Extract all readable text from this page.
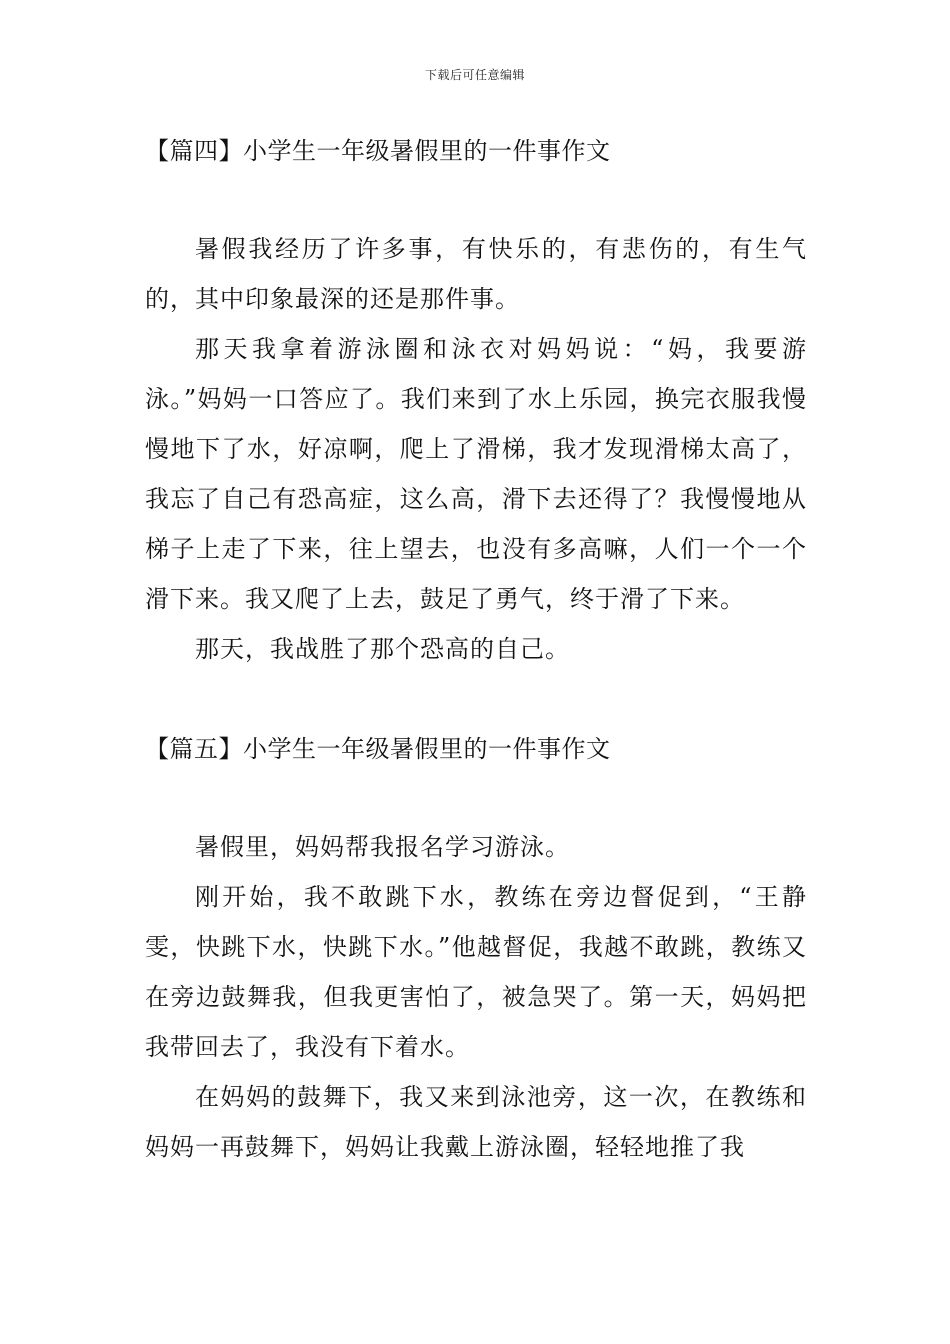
下载后可任意编辑
【篇四】小学生一年级暑假里的一件事作文

暑假我经历了许多事，有快乐的，有悲伤的，有生气的，其中印象最深的还是那件事。

那天我拿着游泳圈和泳衣对妈妈说：“妈，我要游泳。”妈妈一口答应了。我们来到了水上乐园，换完衣服我慢慢地下了水，好凉啊，爬上了滑梯，我才发现滑梯太高了，我忘了自己有恐高症，这么高，滑下去还得了？我慢慢地从梯子上走了下来，往上望去，也没有多高嘛，人们一个一个滑下来。我又爬了上去，鼓足了勇气，终于滑了下来。

那天，我战胜了那个恐高的自己。

【篇五】小学生一年级暑假里的一件事作文

暑假里，妈妈帮我报名学习游泳。

刚开始，我不敢跳下水，教练在旁边督促到，“王静雯，快跳下水，快跳下水。”他越督促，我越不敢跳，教练又在旁边鼓舞我，但我更害怕了，被急哭了。第一天，妈妈把我带回去了，我没有下着水。

在妈妈的鼓舞下，我又来到泳池旁，这一次，在教练和妈妈一再鼓舞下，妈妈让我戴上游泳圈，轻轻地推了我
